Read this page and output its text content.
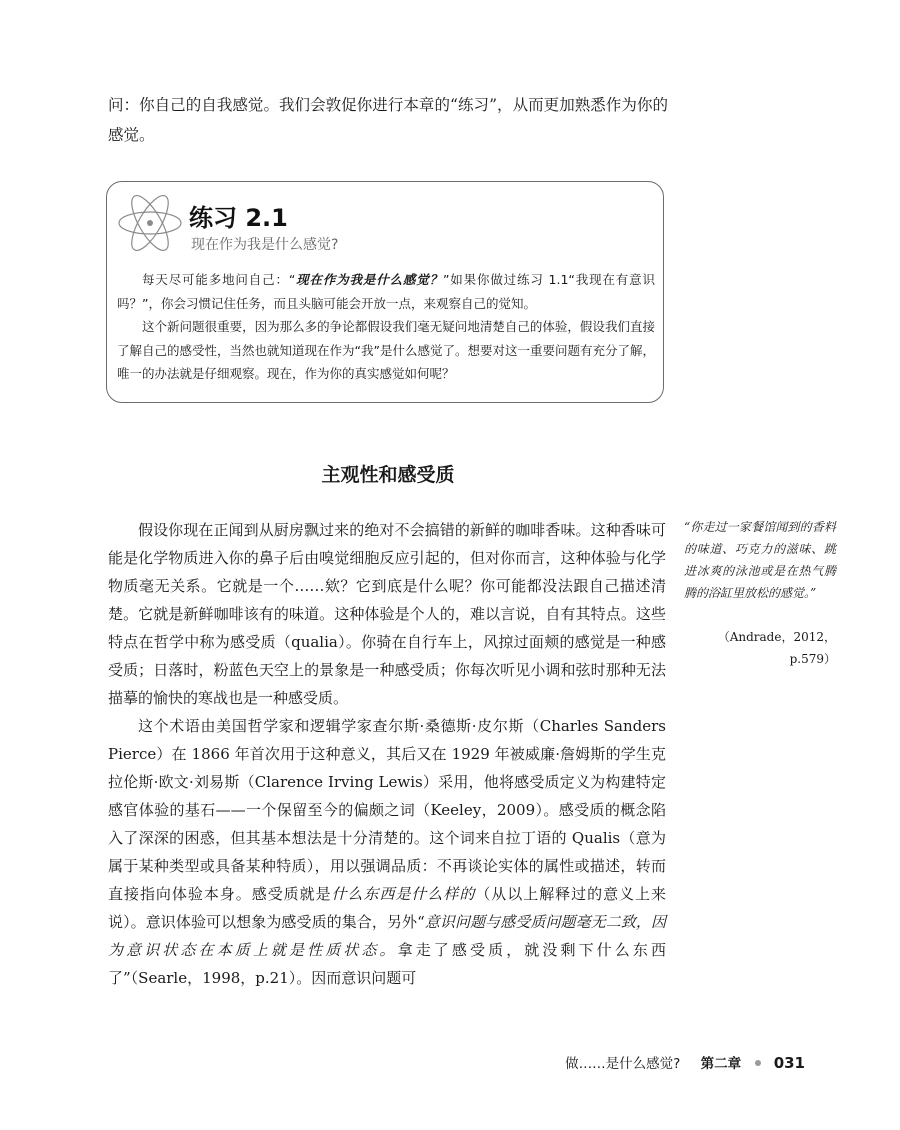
问：你自己的自我感觉。我们会敦促你进行本章的“练习”，从而更加熟悉作为你的感觉。

练习 2.1
现在作为我是什么感觉?

每天尽可能多地问自己：“现在作为我是什么感觉？”如果你做过练习 1.1“我现在有意识吗？”，你会习惯记住任务，而且头脑可能会开放一点，来观察自己的觉知。

这个新问题很重要，因为那么多的争论都假设我们毫无疑问地清楚自己的体验，假设我们直接了解自己的感受性，当然也就知道现在作为“我”是什么感觉了。想要对这一重要问题有充分了解，唯一的办法就是仔细观察。现在，作为你的真实感觉如何呢？

主观性和感受质

假设你现在正闻到从厨房飘过来的绝对不会搞错的新鲜的咖啡香味。这种香味可能是化学物质进入你的鼻子后由嗅觉细胞反应引起的，但对你而言，这种体验与化学物质毫无关系。它就是一个……欸？它到底是什么呢？你可能都没法跟自己描述清楚。它就是新鲜咖啡该有的味道。这种体验是个人的，难以言说，自有其特点。这些特点在哲学中称为感受质（qualia）。你骑在自行车上，风掠过面颊的感觉是一种感受质；日落时，粉蓝色天空上的景象是一种感受质；你每次听见小调和弦时那种无法描摹的愉快的寒战也是一种感受质。

这个术语由美国哲学家和逻辑学家查尔斯·桑德斯·皮尔斯（Charles Sanders Pierce）在 1866 年首次用于这种意义，其后又在 1929 年被威廉·詹姆斯的学生克拉伦斯·欧文·刘易斯（Clarence Irving Lewis）采用，他将感受质定义为构建特定感官体验的基石——一个保留至今的偏颇之词（Keeley，2009）。感受质的概念陷入了深深的困惑，但其基本想法是十分清楚的。这个词来自拉丁语的 Qualis（意为属于某种类型或具备某种特质），用以强调品质：不再谈论实体的属性或描述，转而直接指向体验本身。感受质就是什么东西是什么样的（从以上解释过的意义上来说）。意识体验可以想象为感受质的集合，另外“意识问题与感受质问题毫无二致，因为意识状态在本质上就是性质状态。拿走了感受质，就没剩下什么东西了”（Searle，1998，p.21）。因而意识问题可

“你走过一家餐馆闻到的香料的味道、巧克力的滋味、跳进冰爽的泳池或是在热气腾腾的浴缸里放松的感觉。”
（Andrade，2012，p.579）
做……是什么感觉? 第二章 031
